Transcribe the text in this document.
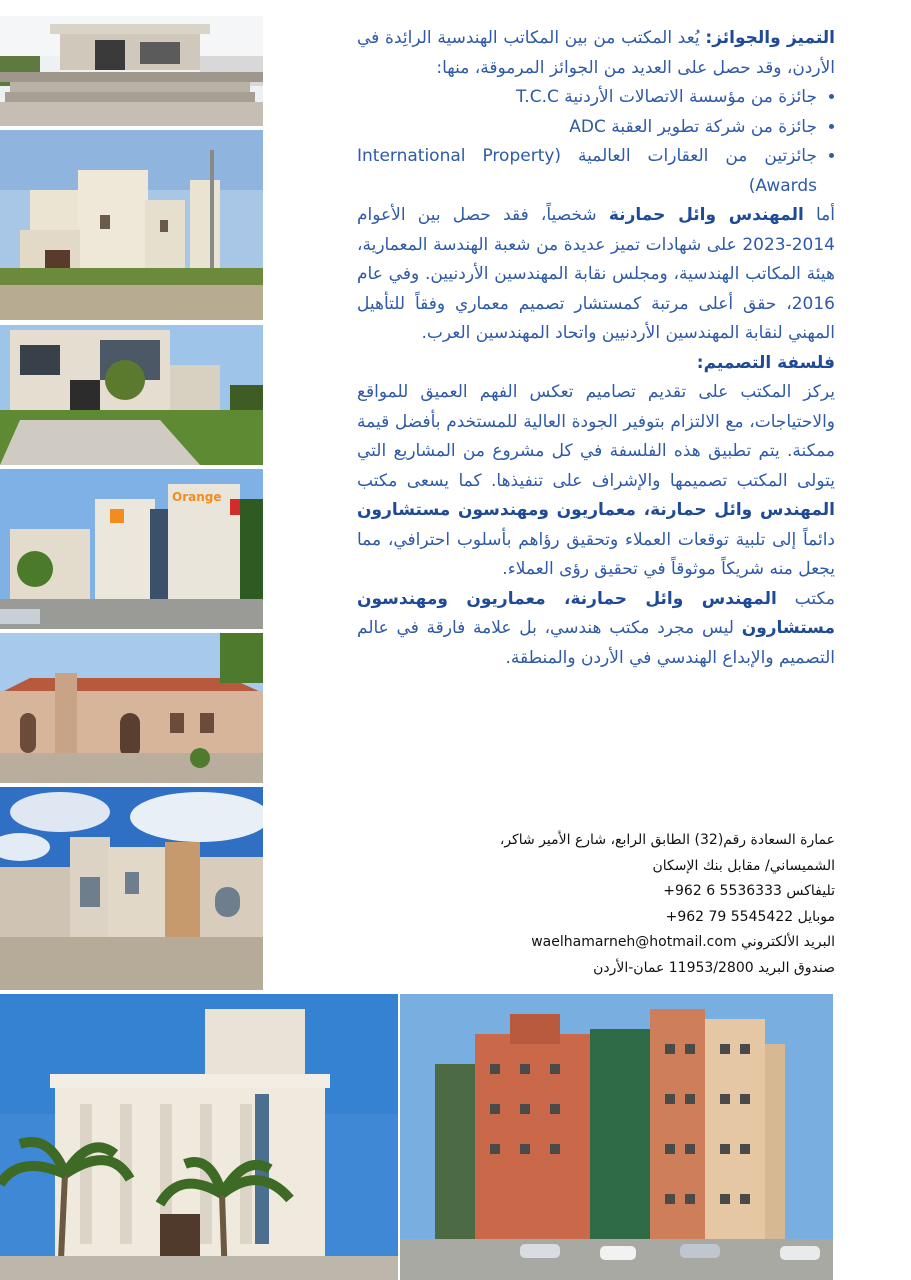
Orange

التميز والجوائز: يُعد المكتب من بين المكاتب الهندسية الرائِدة في الأردن، وقد حصل على العديد من الجوائز المرموقة، منها:

• جائزة من مؤسسة الاتصالات الأردنية T.C.C
• جائزة من شركة تطوير العقبة ADC
• جائزتين من العقارات العالمية (International Property Awards)

أما المهندس وائل حمارنة شخصياً، فقد حصل بين الأعوام 2014-2023 على شهادات تميز عديدة من شعبة الهندسة المعمارية، هيئة المكاتب الهندسية، ومجلس نقابة المهندسين الأردنيين. وفي عام 2016، حقق أعلى مرتبة كمستشار تصميم معماري وفقاً للتأهيل المهني لنقابة المهندسين الأردنيين واتحاد المهندسين العرب.

فلسفة التصميم:

يركز المكتب على تقديم تصاميم تعكس الفهم العميق للمواقع والاحتياجات، مع الالتزام بتوفير الجودة العالية للمستخدم بأفضل قيمة ممكنة. يتم تطبيق هذه الفلسفة في كل مشروع من المشاريع التي يتولى المكتب تصميمها والإشراف على تنفيذها. كما يسعى مكتب المهندس وائل حمارنة، معماريون ومهندسون مستشارون دائماً إلى تلبية توقعات العملاء وتحقيق رؤاهم بأسلوب احترافي، مما يجعل منه شريكاً موثوقاً في تحقيق رؤى العملاء.

مكتب المهندس وائل حمارنة، معماريون ومهندسون مستشارون ليس مجرد مكتب هندسي، بل علامة فارقة في عالم التصميم والإبداع الهندسي في الأردن والمنطقة.

عمارة السعادة رقم(32) الطابق الرابع، شارع الأمير شاكر،

الشميساني/ مقابل بنك الإسكان

تليفاكس +962 6 5536333

موبايل +962 79 5545422

البريد الألكتروني waelhamarneh@hotmail.com

صندوق البريد 11953/2800 عمان-الأردن
